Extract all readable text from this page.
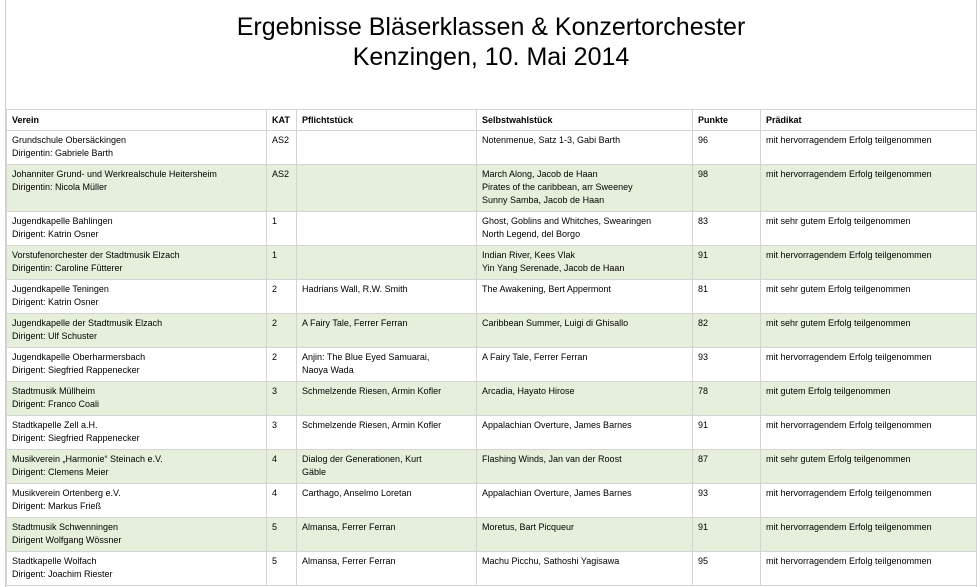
Ergebnisse Bläserklassen & Konzertorchester
Kenzingen, 10. Mai 2014
Verein	KAT	Pflichtstück	Selbstwahlstück	Punkte	Prädikat

Grundschule Obersäckingen
Dirigentin: Gabriele Barth	AS2		Notenmenue, Satz 1-3, Gabi Barth	96	mit hervorragendem Erfolg teilgenommen

Johanniter Grund- und Werkrealschule Heitersheim
Dirigentin: Nicola Müller	AS2		March Along, Jacob de Haan
Pirates of the caribbean, arr Sweeney
Sunny Samba, Jacob de Haan	98	mit hervorragendem Erfolg teilgenommen

Jugendkapelle Bahlingen
Dirigent: Katrin Osner	1		Ghost, Goblins and Whitches, Swearingen
North Legend, del Borgo	83	mit sehr gutem Erfolg teilgenommen

Vorstufenorchester der Stadtmusik Elzach
Dirigentin: Caroline Fütterer	1		Indian River, Kees Vlak
Yin Yang Serenade, Jacob de Haan	91	mit hervorragendem Erfolg teilgenommen

Jugendkapelle Teningen
Dirigent: Katrin Osner	2	Hadrians Wall, R.W. Smith	The Awakening, Bert Appermont	81	mit sehr gutem Erfolg teilgenommen

Jugendkapelle der Stadtmusik Elzach
Dirigent: Ulf Schuster	2	A Fairy Tale, Ferrer Ferran	Caribbean Summer, Luigi di Ghisallo	82	mit sehr gutem Erfolg teilgenommen

Jugendkapelle Oberharmersbach
Dirigent: Siegfried Rappenecker	2	Anjin: The Blue Eyed Samuarai,
Naoya Wada	A Fairy Tale, Ferrer Ferran	93	mit hervorragendem Erfolg teilgenommen

Stadtmusik Müllheim
Dirigent: Franco Coali	3	Schmelzende Riesen, Armin Kofler	Arcadia, Hayato Hirose	78	mit gutem Erfolg teilgenommen

Stadtkapelle Zell a.H.
Dirigent: Siegfried Rappenecker	3	Schmelzende Riesen, Armin Kofler	Appalachian Overture, James Barnes	91	mit hervorragendem Erfolg teilgenommen

Musikverein „Harmonie“ Steinach e.V.
Dirigent: Clemens Meier	4	Dialog der Generationen, Kurt
Gäble	Flashing Winds, Jan van der Roost	87	mit sehr gutem Erfolg teilgenommen

Musikverein Ortenberg e.V.
Dirigent: Markus Frieß	4	Carthago, Anselmo Loretan	Appalachian Overture, James Barnes	93	mit hervorragendem Erfolg teilgenommen

Stadtmusik Schwenningen
Dirigent Wolfgang Wössner	5	Almansa, Ferrer Ferran	Moretus, Bart Picqueur	91	mit hervorragendem Erfolg teilgenommen

Stadtkapelle Wolfach
Dirigent: Joachim Riester	5	Almansa, Ferrer Ferran	Machu Picchu, Sathoshi Yagisawa	95	mit hervorragendem Erfolg teilgenommen
